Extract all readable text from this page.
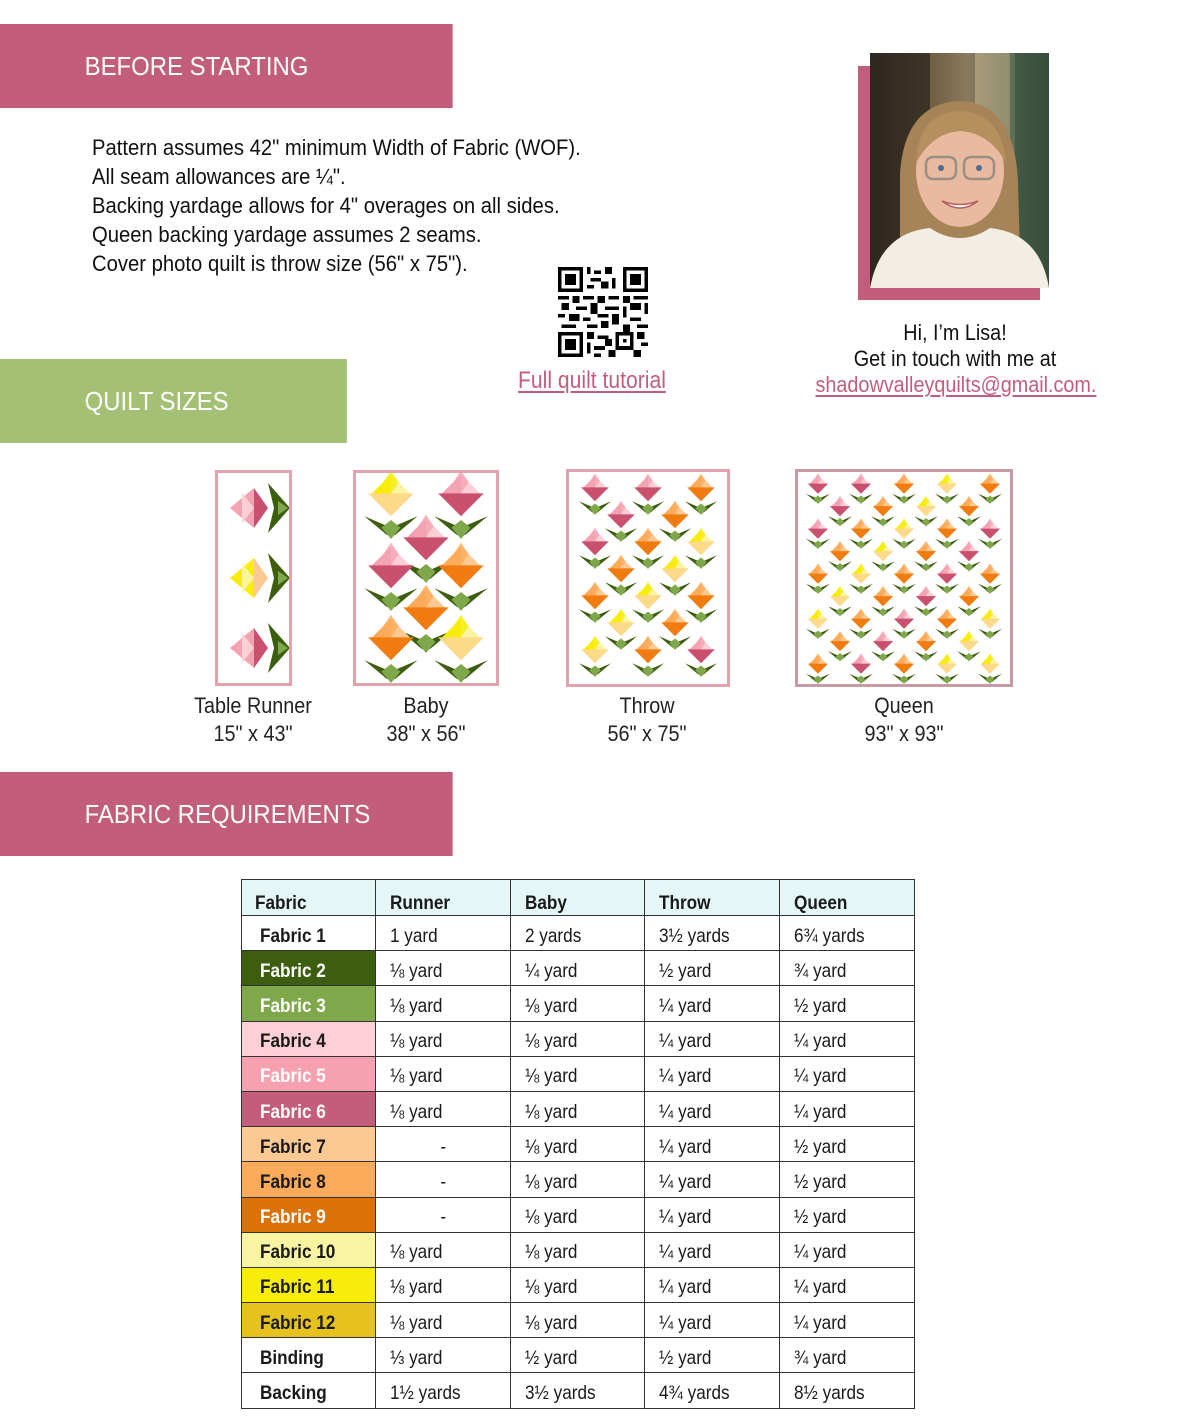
BEFORE STARTING
QUILT SIZES
FABRIC REQUIREMENTS

Pattern assumes 42" minimum Width of Fabric (WOF).

All seam allowances are ¼".

Backing yardage allows for 4" overages on all sides.

Queen backing yardage assumes 2 seams.

Cover photo quilt is throw size (56" x 75").

Full quilt tutorial
Hi, I’m Lisa!
Get in touch with me at
shadowvalleyquilts@gmail.com.
Table Runner
15" x 43"
Baby
38" x 56"
Throw
56" x 75"
Queen
93" x 93"
Fabric	Runner	Baby	Throw	Queen
Fabric 1	1 yard	2 yards	3½ yards	6¾ yards
Fabric 2	⅛ yard	¼ yard	½ yard	¾ yard
Fabric 3	⅛ yard	⅛ yard	¼ yard	½ yard
Fabric 4	⅛ yard	⅛ yard	¼ yard	¼ yard
Fabric 5	⅛ yard	⅛ yard	¼ yard	¼ yard
Fabric 6	⅛ yard	⅛ yard	¼ yard	¼ yard
Fabric 7	-	⅛ yard	¼ yard	½ yard
Fabric 8	-	⅛ yard	¼ yard	½ yard
Fabric 9	-	⅛ yard	¼ yard	½ yard
Fabric 10	⅛ yard	⅛ yard	¼ yard	¼ yard
Fabric 11	⅛ yard	⅛ yard	¼ yard	¼ yard
Fabric 12	⅛ yard	⅛ yard	¼ yard	¼ yard
Binding	⅓ yard	½ yard	½ yard	¾ yard
Backing	1½ yards	3½ yards	4¾ yards	8½ yards
